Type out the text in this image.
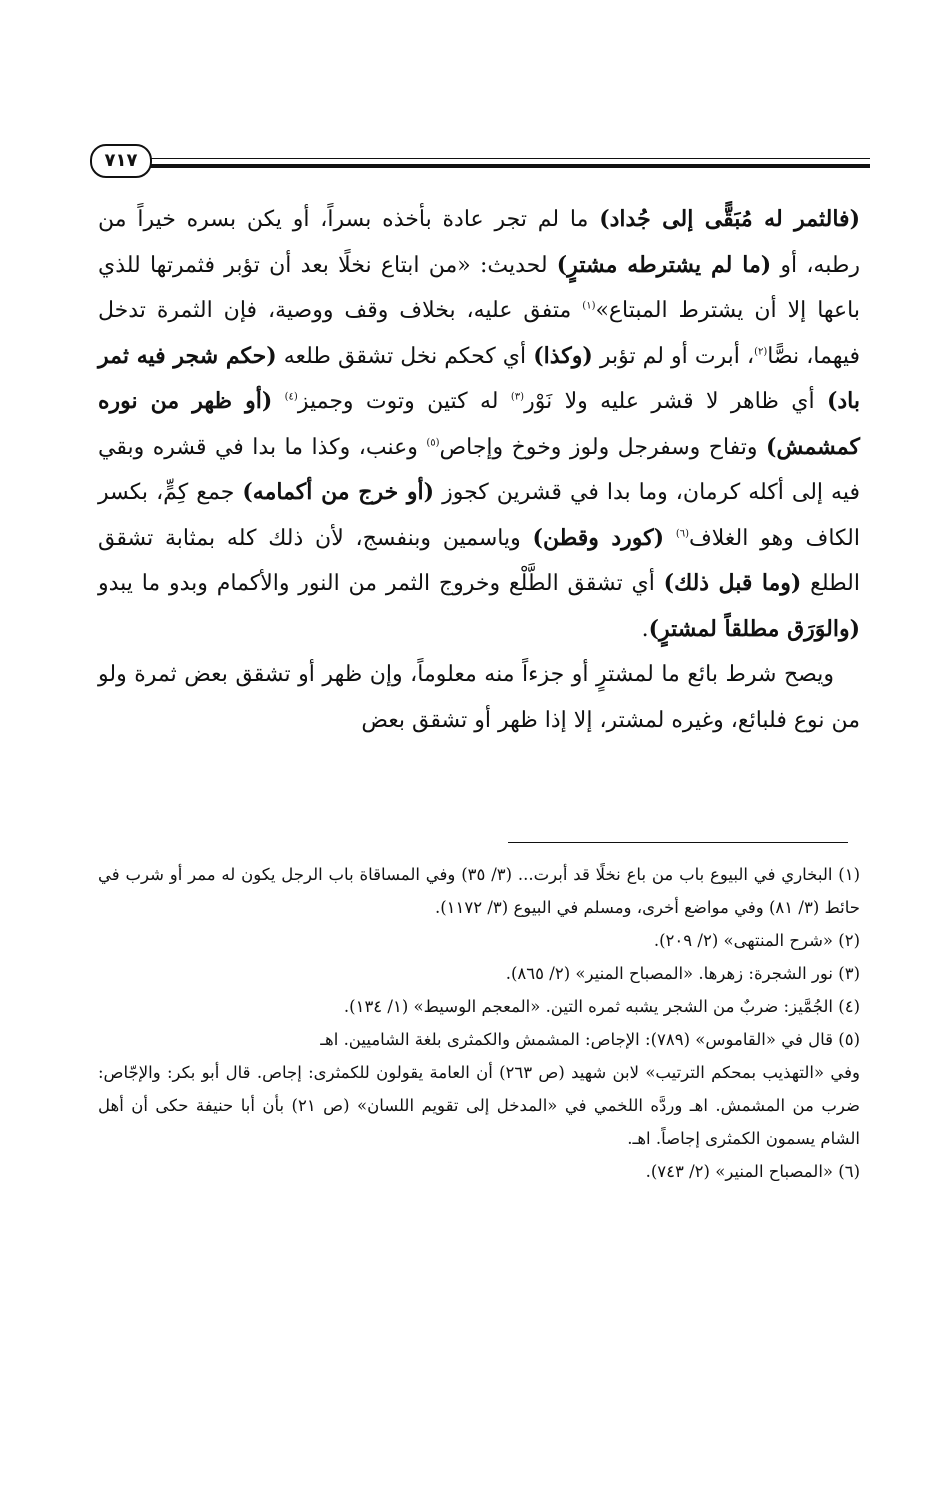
٧١٧

(فالثمر له مُبَقًّى إلى جُداد) ما لم تجر عادة بأخذه بسراً، أو يكن بسره خيراً من رطبه، أو (ما لم يشترطه مشترٍ) لحديث: «من ابتاع نخلًا بعد أن تؤبر فثمرتها للذي باعها إلا أن يشترط المبتاع»$^{(١)}$ متفق عليه، بخلاف وقف ووصية، فإن الثمرة تدخل فيهما، نصًّا$^{(٢)}$، أبرت أو لم تؤبر (وكذا) أي كحكم نخل تشقق طلعه (حكم شجر فيه ثمر باد) أي ظاهر لا قشر عليه ولا نَوْر$^{(٣)}$ له كتين وتوت وجميز$^{(٤)}$ (أو ظهر من نوره كمشمش) وتفاح وسفرجل ولوز وخوخ وإجاص$^{(٥)}$ وعنب، وكذا ما بدا في قشره وبقي فيه إلى أكله كرمان، وما بدا في قشرين كجوز (أو خرج من أكمامه) جمع كِمٍّ، بكسر الكاف وهو الغلاف$^{(٦)}$ (كورد وقطن) وياسمين وبنفسج، لأن ذلك كله بمثابة تشقق الطلع (وما قبل ذلك) أي تشقق الطَّلْع وخروج الثمر من النور والأكمام وبدو ما يبدو (والوَرَق مطلقاً لمشترٍ).

ويصح شرط بائع ما لمشترٍ أو جزءاً منه معلوماً، وإن ظهر أو تشقق بعض ثمرة ولو من نوع فلبائع، وغيره لمشتر، إلا إذا ظهر أو تشقق بعض

(١) البخاري في البيوع باب من باع نخلًا قد أبرت... (٣/ ٣٥) وفي المساقاة باب الرجل يكون له ممر أو شرب في حائط (٣/ ٨١) وفي مواضع أخرى، ومسلم في البيوع (٣/ ١١٧٢).

(٢) «شرح المنتهى» (٢/ ٢٠٩).

(٣) نور الشجرة: زهرها. «المصباح المنير» (٢/ ٨٦٥).

(٤) الجُمَّيز: ضربٌ من الشجر يشبه ثمره التين. «المعجم الوسيط» (١/ ١٣٤).

(٥) قال في «القاموس» (٧٨٩): الإجاص: المشمش والكمثرى بلغة الشاميين. اهـ

وفي «التهذيب بمحكم الترتيب» لابن شهيد (ص ٢٦٣) أن العامة يقولون للكمثرى: إجاص. قال أبو بكر: والإجّاص: ضرب من المشمش. اهـ وردَّه اللخمي في «المدخل إلى تقويم اللسان» (ص ٢١) بأن أبا حنيفة حكى أن أهل الشام يسمون الكمثرى إجاصاً. اهـ.

(٦) «المصباح المنير» (٢/ ٧٤٣).
